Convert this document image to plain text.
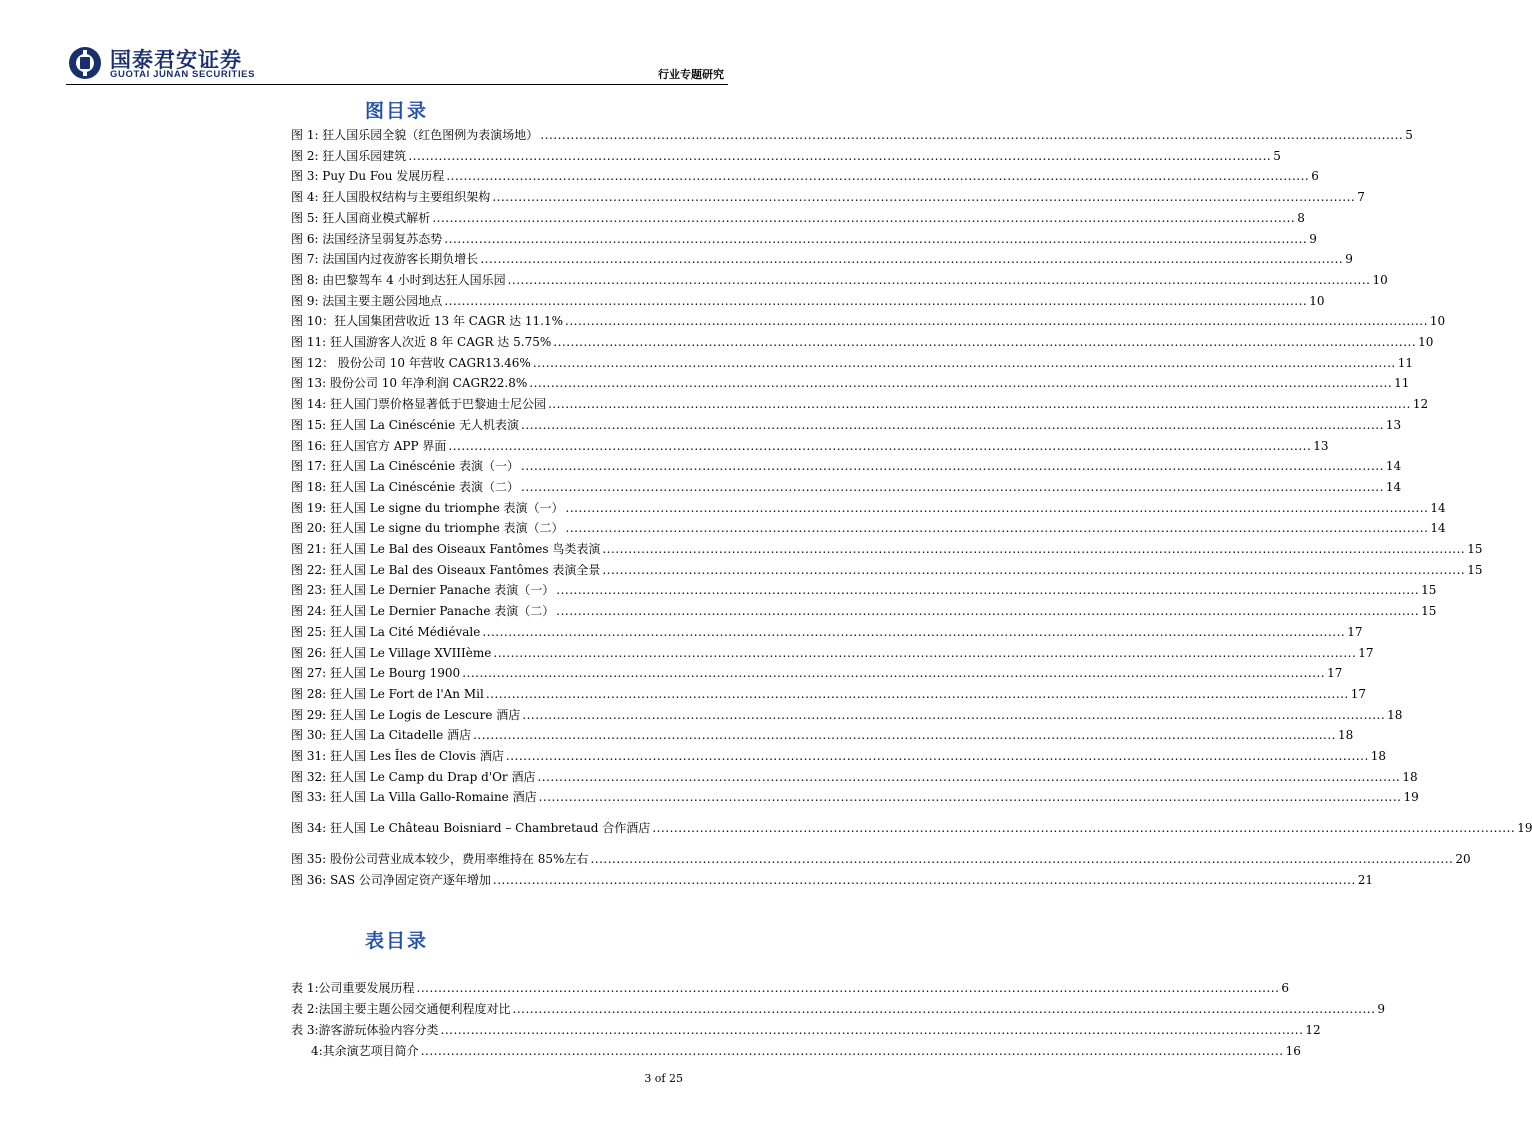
国泰君安证券
GUOTAI JUNAN SECURITIES	行业专题研究
图目录
图 1: 狂人国乐园全貌（红色图例为表演场地） ........................................................................................................................................................................................................ 5
图 2: 狂人国乐园建筑 ........................................................................................................................................................................................................ 5
图 3: Puy Du Fou 发展历程 ........................................................................................................................................................................................................ 6
图 4: 狂人国股权结构与主要组织架构 ........................................................................................................................................................................................................ 7
图 5: 狂人国商业模式解析 ........................................................................................................................................................................................................ 8
图 6: 法国经济呈弱复苏态势 ........................................................................................................................................................................................................ 9
图 7: 法国国内过夜游客长期负增长 ........................................................................................................................................................................................................ 9
图 8: 由巴黎驾车 4 小时到达狂人国乐园 ........................................................................................................................................................................................................ 10
图 9: 法国主要主题公园地点 ........................................................................................................................................................................................................ 10
图 10：狂人国集团营收近 13 年 CAGR 达 11.1% ........................................................................................................................................................................................................ 10
图 11: 狂人国游客人次近 8 年 CAGR 达 5.75% ........................................................................................................................................................................................................ 10
图 12： 股份公司 10 年营收 CAGR13.46% ........................................................................................................................................................................................................ 11
图 13: 股份公司 10 年净利润 CAGR22.8% ........................................................................................................................................................................................................ 11
图 14: 狂人国门票价格显著低于巴黎迪士尼公园 ........................................................................................................................................................................................................ 12
图 15: 狂人国 La Cinéscénie 无人机表演 ........................................................................................................................................................................................................ 13
图 16: 狂人国官方 APP 界面 ........................................................................................................................................................................................................ 13
图 17: 狂人国 La Cinéscénie 表演（一） ........................................................................................................................................................................................................ 14
图 18: 狂人国 La Cinéscénie 表演（二） ........................................................................................................................................................................................................ 14
图 19: 狂人国 Le signe du triomphe 表演（一） ........................................................................................................................................................................................................ 14
图 20: 狂人国 Le signe du triomphe 表演（二） ........................................................................................................................................................................................................ 14
图 21: 狂人国 Le Bal des Oiseaux Fantômes 鸟类表演 ........................................................................................................................................................................................................ 15
图 22: 狂人国 Le Bal des Oiseaux Fantômes 表演全景 ........................................................................................................................................................................................................ 15
图 23: 狂人国 Le Dernier Panache 表演（一） ........................................................................................................................................................................................................ 15
图 24: 狂人国 Le Dernier Panache 表演（二） ........................................................................................................................................................................................................ 15
图 25: 狂人国 La Cité Médiévale ........................................................................................................................................................................................................ 17
图 26: 狂人国 Le Village XVIIIème ........................................................................................................................................................................................................ 17
图 27: 狂人国 Le Bourg 1900 ........................................................................................................................................................................................................ 17
图 28: 狂人国 Le Fort de l'An Mil ........................................................................................................................................................................................................ 17
图 29: 狂人国 Le Logis de Lescure 酒店 ........................................................................................................................................................................................................ 18
图 30: 狂人国 La Citadelle 酒店 ........................................................................................................................................................................................................ 18
图 31: 狂人国 Les Îles de Clovis 酒店 ........................................................................................................................................................................................................ 18
图 32: 狂人国 Le Camp du Drap d'Or 酒店 ........................................................................................................................................................................................................ 18
图 33: 狂人国 La Villa Gallo-Romaine 酒店 ........................................................................................................................................................................................................ 19
图 34: 狂人国 Le Château Boisniard – Chambretaud 合作酒店 ........................................................................................................................................................................................................ 19
图 35: 股份公司营业成本较少，费用率维持在 85%左右 ........................................................................................................................................................................................................ 20
图 36: SAS 公司净固定资产逐年增加 ........................................................................................................................................................................................................ 21
表目录
表 1:公司重要发展历程 ........................................................................................................................................................................................................ 6
表 2:法国主要主题公园交通便利程度对比 ........................................................................................................................................................................................................ 9
表 3:游客游玩体验内容分类 ........................................................................................................................................................................................................ 12
4:其余演艺项目简介 ........................................................................................................................................................................................................ 16
3 of 25
